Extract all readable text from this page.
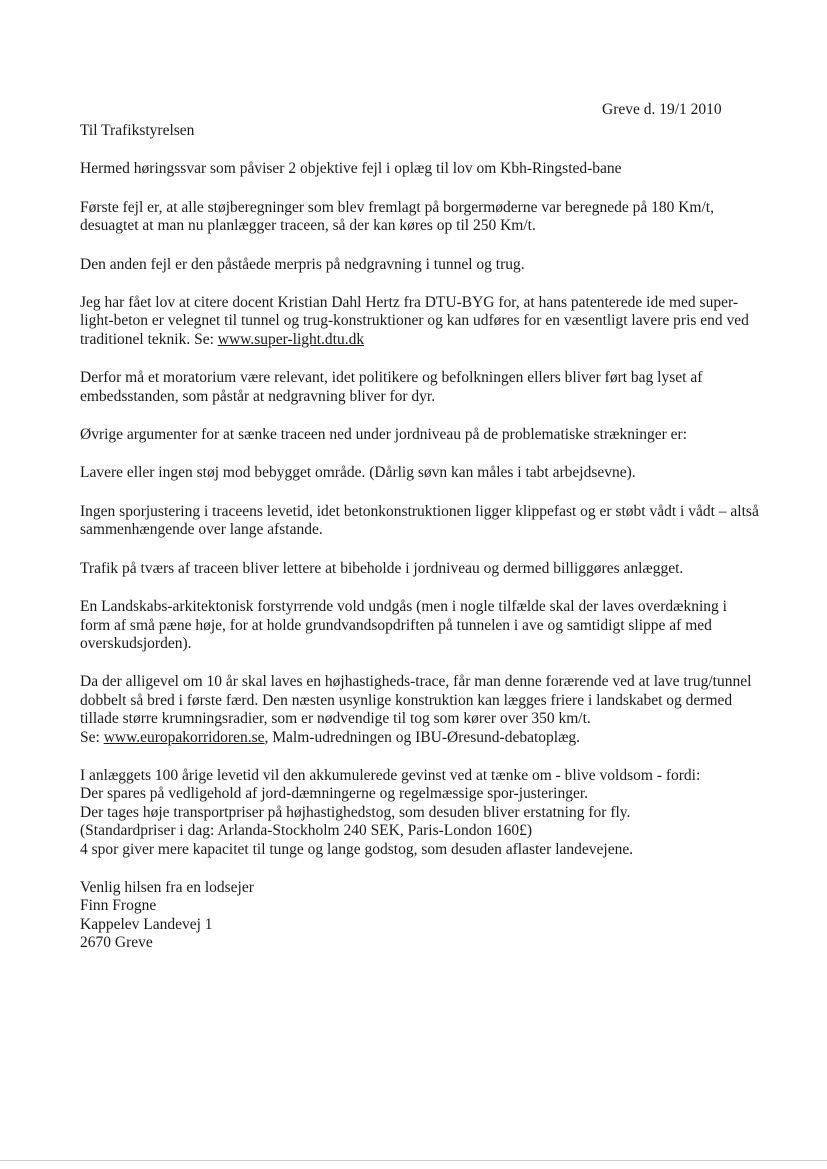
Greve d. 19/1 2010

Til Trafikstyrelsen

Hermed høringssvar som påviser 2 objektive fejl i oplæg til lov om Kbh-Ringsted-bane

Første fejl er, at alle støjberegninger som blev fremlagt på borgermøderne var beregnede på 180 Km/t, desuagtet at man nu planlægger traceen, så der kan køres op til 250 Km/t.

Den anden fejl er den påståede merpris på nedgravning i tunnel og trug.

Jeg har fået lov at citere docent Kristian Dahl Hertz fra DTU-BYG for, at hans patenterede ide med super-light-beton er velegnet til tunnel og trug-konstruktioner og kan udføres for en væsentligt lavere pris end ved traditionel teknik. Se: www.super-light.dtu.dk

Derfor må et moratorium være relevant, idet politikere og befolkningen ellers bliver ført bag lyset af embedsstanden, som påstår at nedgravning bliver for dyr.

Øvrige argumenter for at sænke traceen ned under jordniveau på de problematiske strækninger er:

Lavere eller ingen støj mod bebygget område. (Dårlig søvn kan måles i tabt arbejdsevne).

Ingen sporjustering i traceens levetid, idet betonkonstruktionen ligger klippefast og er støbt vådt i vådt – altså sammenhængende over lange afstande.

Trafik på tværs af traceen bliver lettere at bibeholde i jordniveau og dermed billiggøres anlægget.

En Landskabs-arkitektonisk forstyrrende vold undgås (men i nogle tilfælde skal der laves overdækning i form af små pæne høje, for at holde grundvandsopdriften på tunnelen i ave og samtidigt slippe af med overskudsjorden).

Da der alligevel om 10 år skal laves en højhastigheds-trace, får man denne forærende ved at lave trug/tunnel dobbelt så bred i første færd. Den næsten usynlige konstruktion kan lægges friere i landskabet og dermed tillade større krumningsradier, som er nødvendige til tog som kører over 350 km/t.

Se: www.europakorridoren.se, Malm-udredningen og IBU-Øresund-debatoplæg.

I anlæggets 100 årige levetid vil den akkumulerede gevinst ved at tænke om - blive voldsom - fordi:

Der spares på vedligehold af jord-dæmningerne og regelmæssige spor-justeringer.

Der tages høje transportpriser på højhastighedstog, som desuden bliver erstatning for fly.

(Standardpriser i dag: Arlanda-Stockholm 240 SEK, Paris-London 160£)

4 spor giver mere kapacitet til tunge og lange godstog, som desuden aflaster landevejene.

Venlig hilsen fra en lodsejer

Finn Frogne

Kappelev Landevej 1

2670 Greve
